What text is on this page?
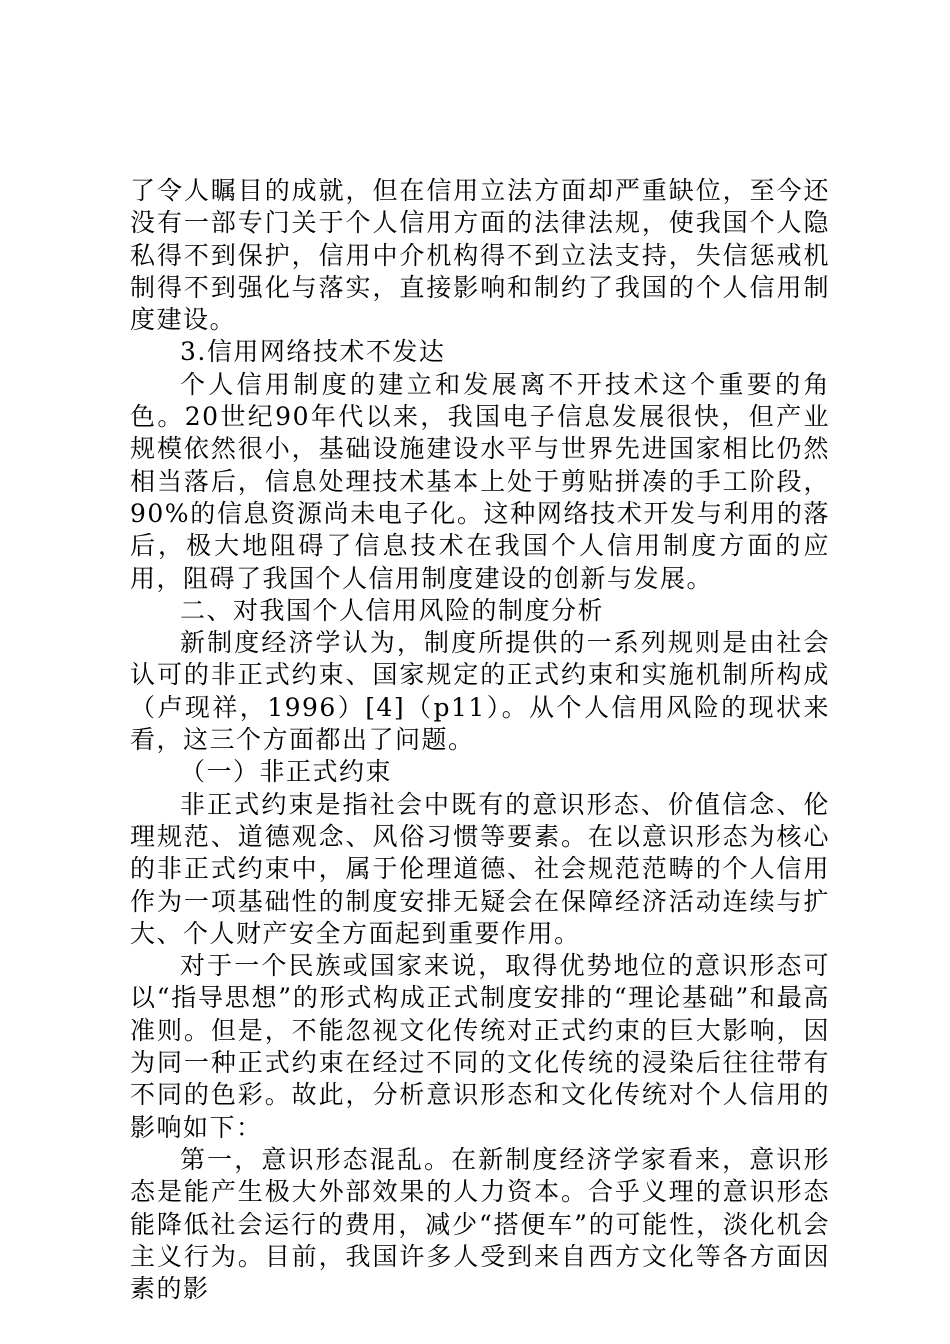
了令人瞩目的成就，但在信用立法方面却严重缺位，至今还没有一部专门关于个人信用方面的法律法规，使我国个人隐私得不到保护，信用中介机构得不到立法支持，失信惩戒机制得不到强化与落实，直接影响和制约了我国的个人信用制度建设。

3.信用网络技术不发达

个人信用制度的建立和发展离不开技术这个重要的角色。20世纪90年代以来，我国电子信息发展很快，但产业规模依然很小，基础设施建设水平与世界先进国家相比仍然相当落后，信息处理技术基本上处于剪贴拼凑的手工阶段，90%的信息资源尚未电子化。这种网络技术开发与利用的落后，极大地阻碍了信息技术在我国个人信用制度方面的应用，阻碍了我国个人信用制度建设的创新与发展。

二、对我国个人信用风险的制度分析

新制度经济学认为，制度所提供的一系列规则是由社会认可的非正式约束、国家规定的正式约束和实施机制所构成（卢现祥，1996）[4]（p11）。从个人信用风险的现状来看，这三个方面都出了问题。

（一）非正式约束

非正式约束是指社会中既有的意识形态、价值信念、伦理规范、道德观念、风俗习惯等要素。在以意识形态为核心的非正式约束中，属于伦理道德、社会规范范畴的个人信用作为一项基础性的制度安排无疑会在保障经济活动连续与扩大、个人财产安全方面起到重要作用。

对于一个民族或国家来说，取得优势地位的意识形态可以“指导思想”的形式构成正式制度安排的“理论基础”和最高准则。但是，不能忽视文化传统对正式约束的巨大影响，因为同一种正式约束在经过不同的文化传统的浸染后往往带有不同的色彩。故此，分析意识形态和文化传统对个人信用的影响如下：

第一，意识形态混乱。在新制度经济学家看来，意识形态是能产生极大外部效果的人力资本。合乎义理的意识形态能降低社会运行的费用，减少“搭便车”的可能性，淡化机会主义行为。目前，我国许多人受到来自西方文化等各方面因素的影
